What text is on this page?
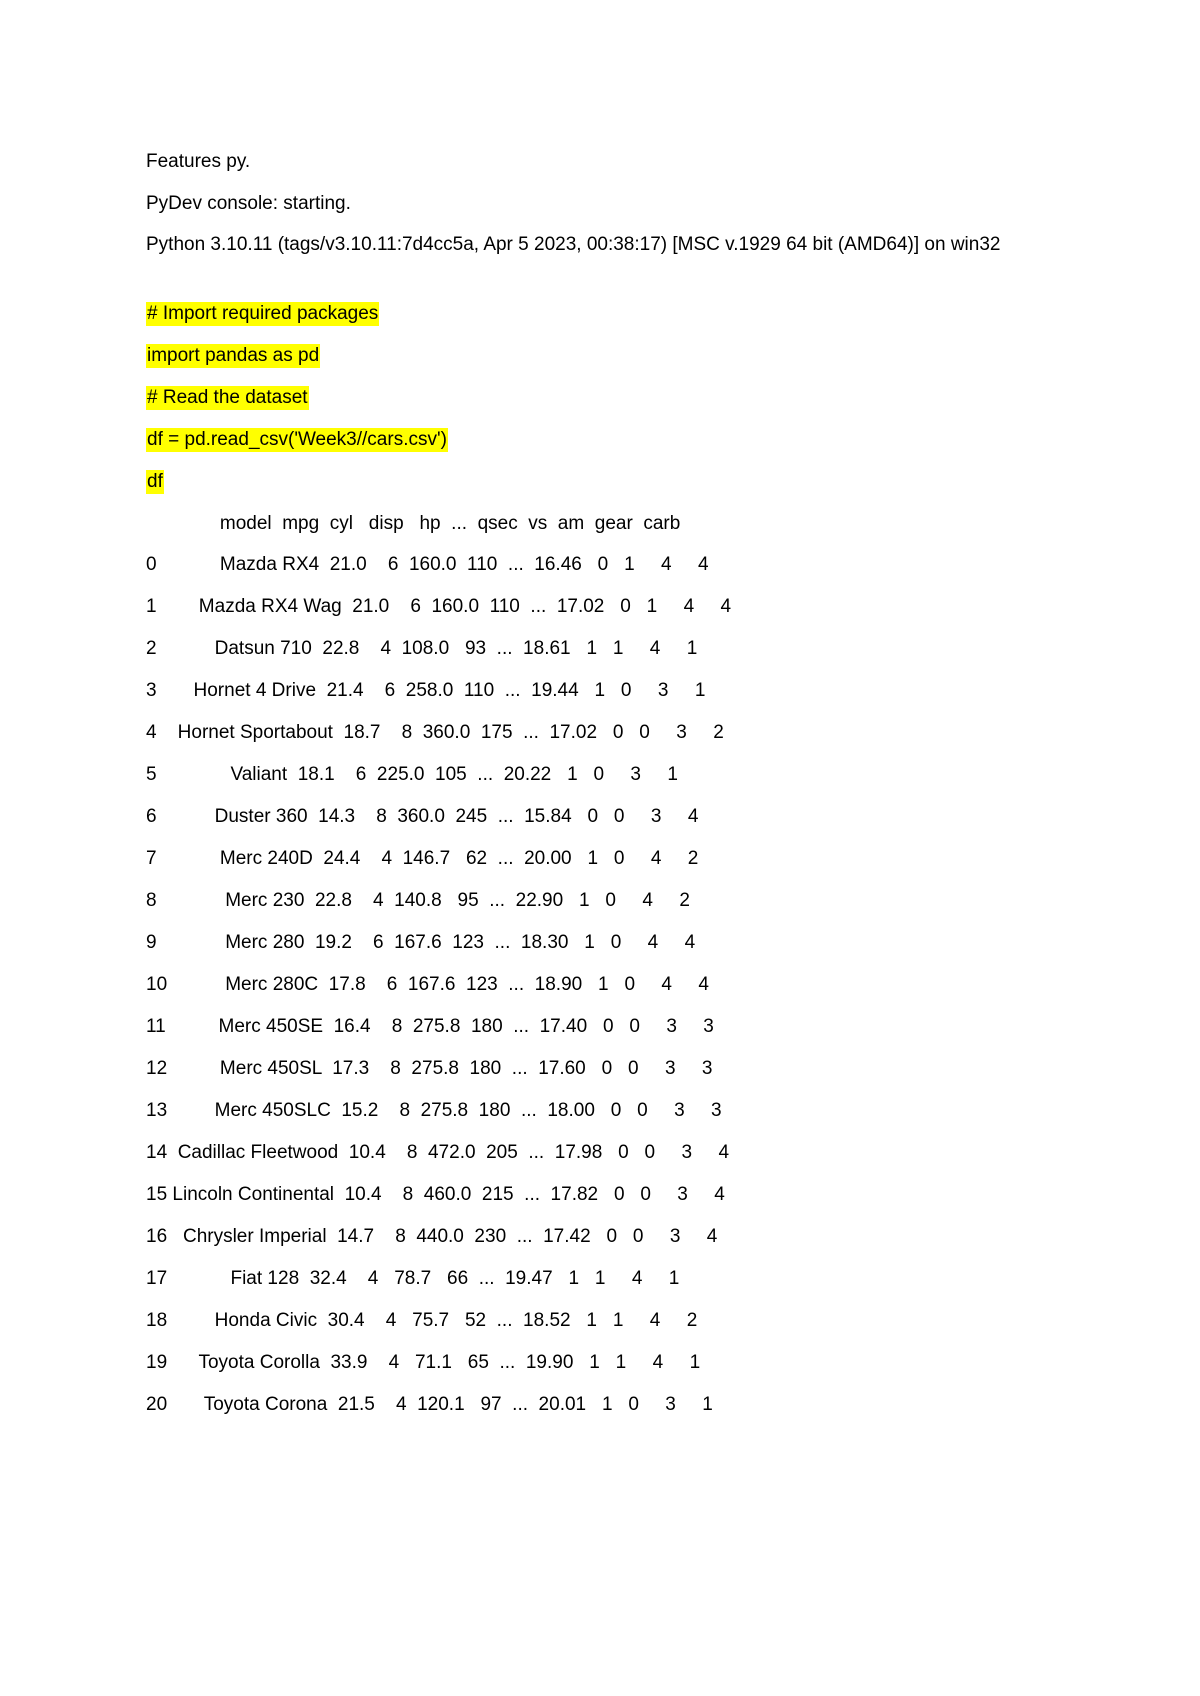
Features py.
PyDev console: starting.
Python 3.10.11 (tags/v3.10.11:7d4cc5a, Apr 5 2023, 00:38:17) [MSC v.1929 64 bit (AMD64)] on win32
# Import required packages
import pandas as pd
# Read the dataset
df = pd.read_csv('Week3//cars.csv')
df
model  mpg  cyl   disp   hp  ...  qsec  vs  am  gear  carb
0            Mazda RX4  21.0    6  160.0  110  ...  16.46   0   1     4     4
1        Mazda RX4 Wag  21.0    6  160.0  110  ...  17.02   0   1     4     4
2           Datsun 710  22.8    4  108.0   93  ...  18.61   1   1     4     1
3       Hornet 4 Drive  21.4    6  258.0  110  ...  19.44   1   0     3     1
4    Hornet Sportabout  18.7    8  360.0  175  ...  17.02   0   0     3     2
5              Valiant  18.1    6  225.0  105  ...  20.22   1   0     3     1
6           Duster 360  14.3    8  360.0  245  ...  15.84   0   0     3     4
7            Merc 240D  24.4    4  146.7   62  ...  20.00   1   0     4     2
8             Merc 230  22.8    4  140.8   95  ...  22.90   1   0     4     2
9             Merc 280  19.2    6  167.6  123  ...  18.30   1   0     4     4
10           Merc 280C  17.8    6  167.6  123  ...  18.90   1   0     4     4
11          Merc 450SE  16.4    8  275.8  180  ...  17.40   0   0     3     3
12          Merc 450SL  17.3    8  275.8  180  ...  17.60   0   0     3     3
13         Merc 450SLC  15.2    8  275.8  180  ...  18.00   0   0     3     3
14  Cadillac Fleetwood  10.4    8  472.0  205  ...  17.98   0   0     3     4
15 Lincoln Continental  10.4    8  460.0  215  ...  17.82   0   0     3     4
16   Chrysler Imperial  14.7    8  440.0  230  ...  17.42   0   0     3     4
17            Fiat 128  32.4    4   78.7   66  ...  19.47   1   1     4     1
18         Honda Civic  30.4    4   75.7   52  ...  18.52   1   1     4     2
19      Toyota Corolla  33.9    4   71.1   65  ...  19.90   1   1     4     1
20       Toyota Corona  21.5    4  120.1   97  ...  20.01   1   0     3     1
